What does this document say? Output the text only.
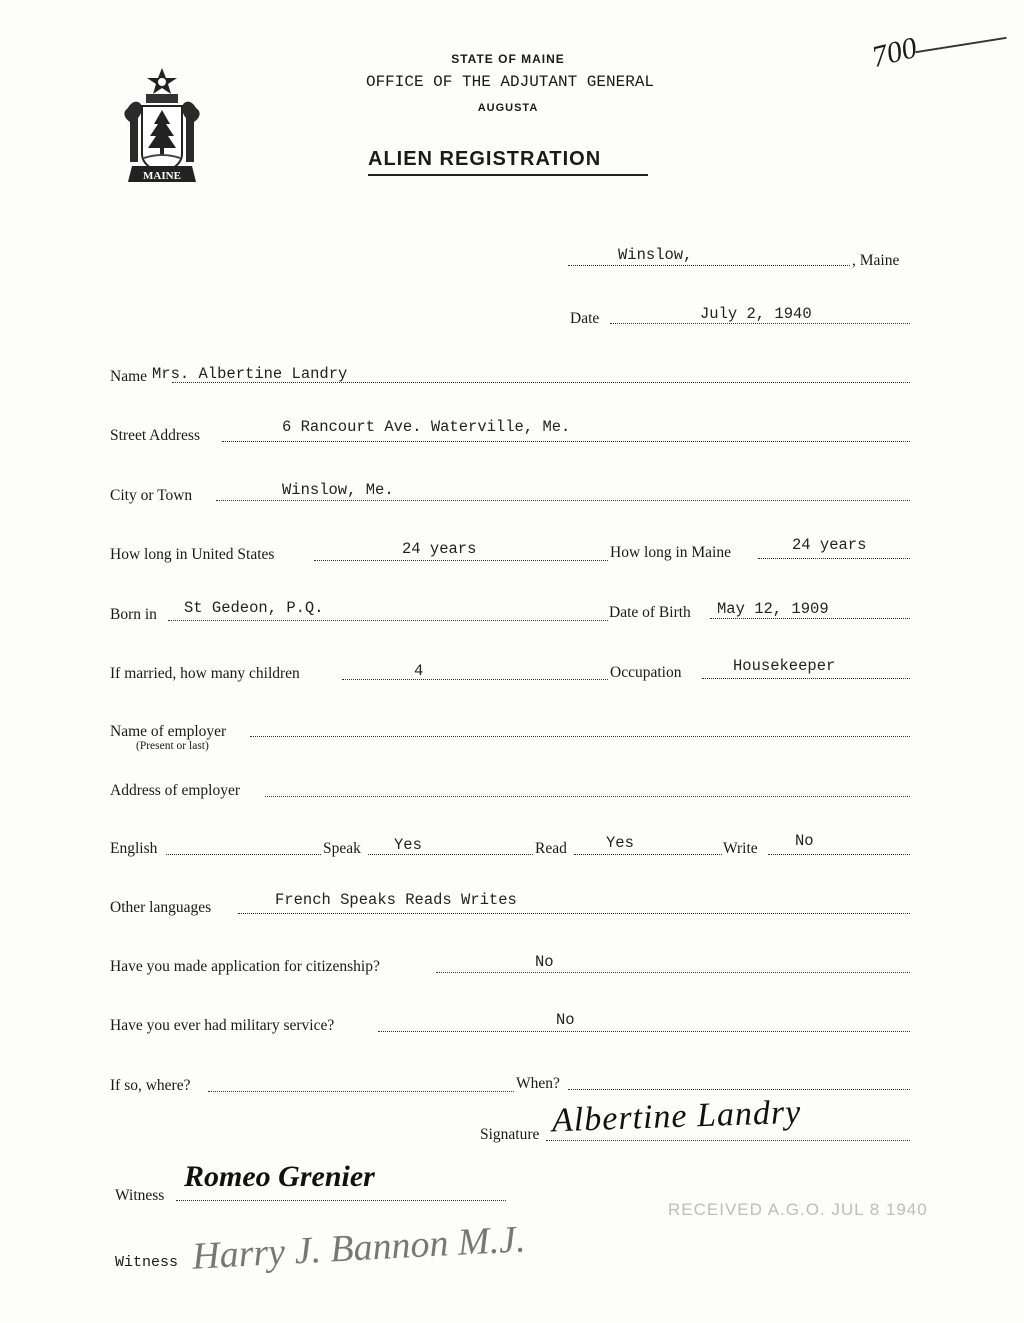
MAINE
STATE OF MAINE
OFFICE OF THE ADJUTANT GENERAL
AUGUSTA
ALIEN REGISTRATION
700
Winslow,	, Maine
Date	July 2, 1940
Name Mrs. Albertine Landry
Street Address	6 Rancourt Ave. Waterville, Me.
City or Town	Winslow, Me.
How long in United States	24 years	How long in Maine	24 years
Born in St Gedeon, P.Q.	Date of Birth May 12, 1909
If married, how many children	4	Occupation	Housekeeper
Name of employer
(Present or last)
Address of employer
English	Speak Yes	Read	Yes	Write No
Other languages	French Speaks Reads Writes
Have you made application for citizenship?	No
Have you ever had military service?	No
If so, where?	When?
Signature Albertine Landry
Witness
Romeo Grenier
Witness Harry J. Bannon M.J.
RECEIVED A.G.O. JUL 8 1940
